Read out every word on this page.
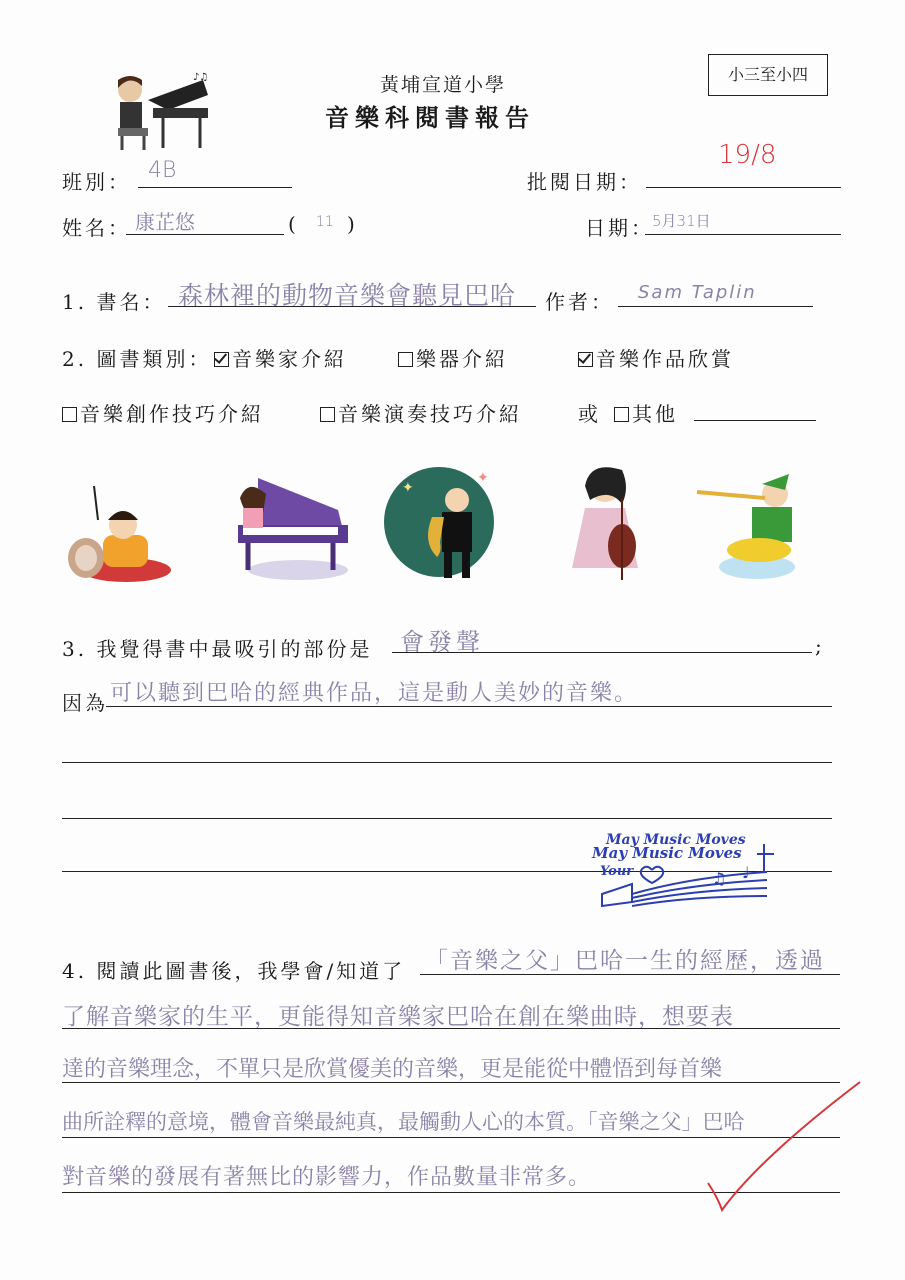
♪♫	黃埔宣道小學
音樂科閱書報告
小三至小四
班別： 4B	批閱日期：
19/8
姓名： 康芷悠	( 11 )	日期：
5月31日
1. 書名： 森林裡的動物音樂會聽見巴哈 作者： Sam Taplin
2. 圖書類別：	音樂家介紹	樂器介紹	音樂作品欣賞
音樂創作技巧介紹	音樂演奏技巧介紹	或	其他
✦
✦
3. 我覺得書中最吸引的部份是 會發聲	;
因為 可以聽到巴哈的經典作品，這是動人美妙的音樂。
May Music Moves
May Music Moves
Your	♫ ♩
4. 閱讀此圖書後，我學會/知道了 「音樂之父」巴哈一生的經歷，透過
了解音樂家的生平，更能得知音樂家巴哈在創在樂曲時，想要表
達的音樂理念，不單只是欣賞優美的音樂，更是能從中體悟到每首樂
曲所詮釋的意境，體會音樂最純真，最觸動人心的本質。「音樂之父」巴哈
對音樂的發展有著無比的影響力，作品數量非常多。
